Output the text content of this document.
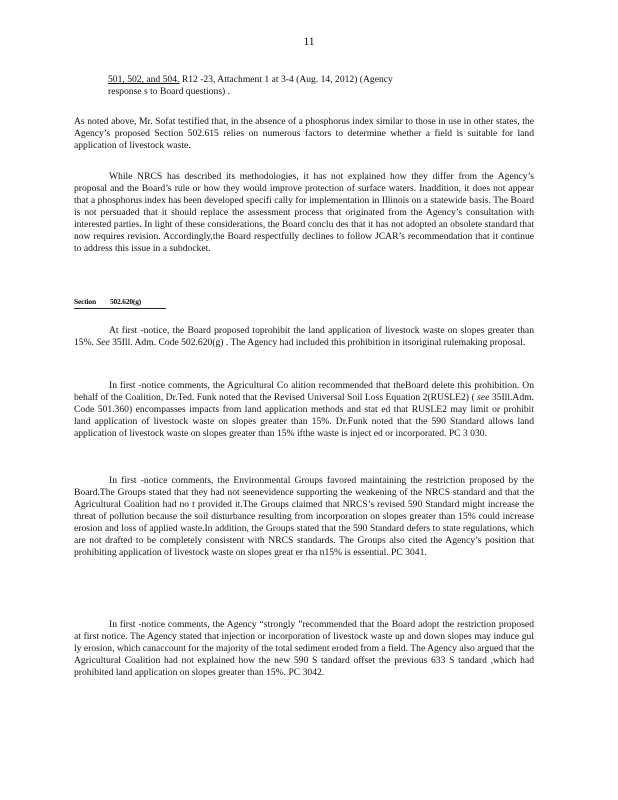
11

501, 502, and 504. R12 -23, Attachment 1 at 3-4 (Aug. 14, 2012) (Agency
response s to Board questions) .

As noted above, Mr. Sofat testified that, in the absence of a phosphorus index similar to those in use in other states, the Agency’s proposed Section 502.615 relies on numerous factors to determine whether a field is suitable for land application of livestock waste.

While NRCS has described its methodologies, it has not explained how they differ from the Agency’s proposal and the Board’s rule or how they would improve protection of surface waters. Inaddition, it does not appear that a phosphorus index has been developed specifi cally for implementation in Illinois on a statewide basis. The Board is not persuaded that it should replace the assessment process that originated from the Agency’s consultation with interested parties. In light of these considerations, the Board conclu des that it has not adopted an obsolete standard that now requires revision. Accordingly,the Board respectfully declines to follow JCAR’s recommendation that it continue to address this issue in a subdocket.

Section 502.620(g)

At first -notice, the Board proposed toprohibit the land application of livestock waste on slopes greater than 15%. See 35Ill. Adm. Code 502.620(g) . The Agency had included this prohibition in itsoriginal rulemaking proposal.

In first -notice comments, the Agricultural Co alition recommended that theBoard delete this prohibition. On behalf of the Coalition, Dr.Ted. Funk noted that the Revised Universal Soil Loss Equation 2(RUSLE2) ( see 35Ill.Adm. Code 501.360) encompasses impacts from land application methods and stat ed that RUSLE2 may limit or prohibit land application of livestock waste on slopes greater than 15%. Dr.Funk noted that the 590 Standard allows land application of livestock waste on slopes greater than 15% ifthe waste is inject ed or incorporated. PC 3 030.

In first -notice comments, the Environmental Groups favored maintaining the restriction proposed by the Board.The Groups stated that they had not seenevidence supporting the weakening of the NRCS standard and that the Agricultural Coalition had no t provided it.The Groups claimed that NRCS’s revised 590 Standard might increase the threat of pollution because the soil disturbance resulting from incorporation on slopes greater than 15% could increase erosion and loss of applied waste.In addition, the Groups stated that the 590 Standard defers to state regulations, which are not drafted to be completely consistent with NRCS standards. The Groups also cited the Agency’s position that prohibiting application of livestock waste on slopes great er tha n15% is essential. PC 3041.

In first -notice comments, the Agency “strongly ”recommended that the Board adopt the restriction proposed at first notice. The Agency stated that injection or incorporation of livestock waste up and down slopes may induce gul ly erosion, which canaccount for the majority of the total sediment eroded from a field. The Agency also argued that the Agricultural Coalition had not explained how the new 590 S tandard offset the previous 633 S tandard ,which had prohibited land application on slopes greater than 15%. PC 3042.
